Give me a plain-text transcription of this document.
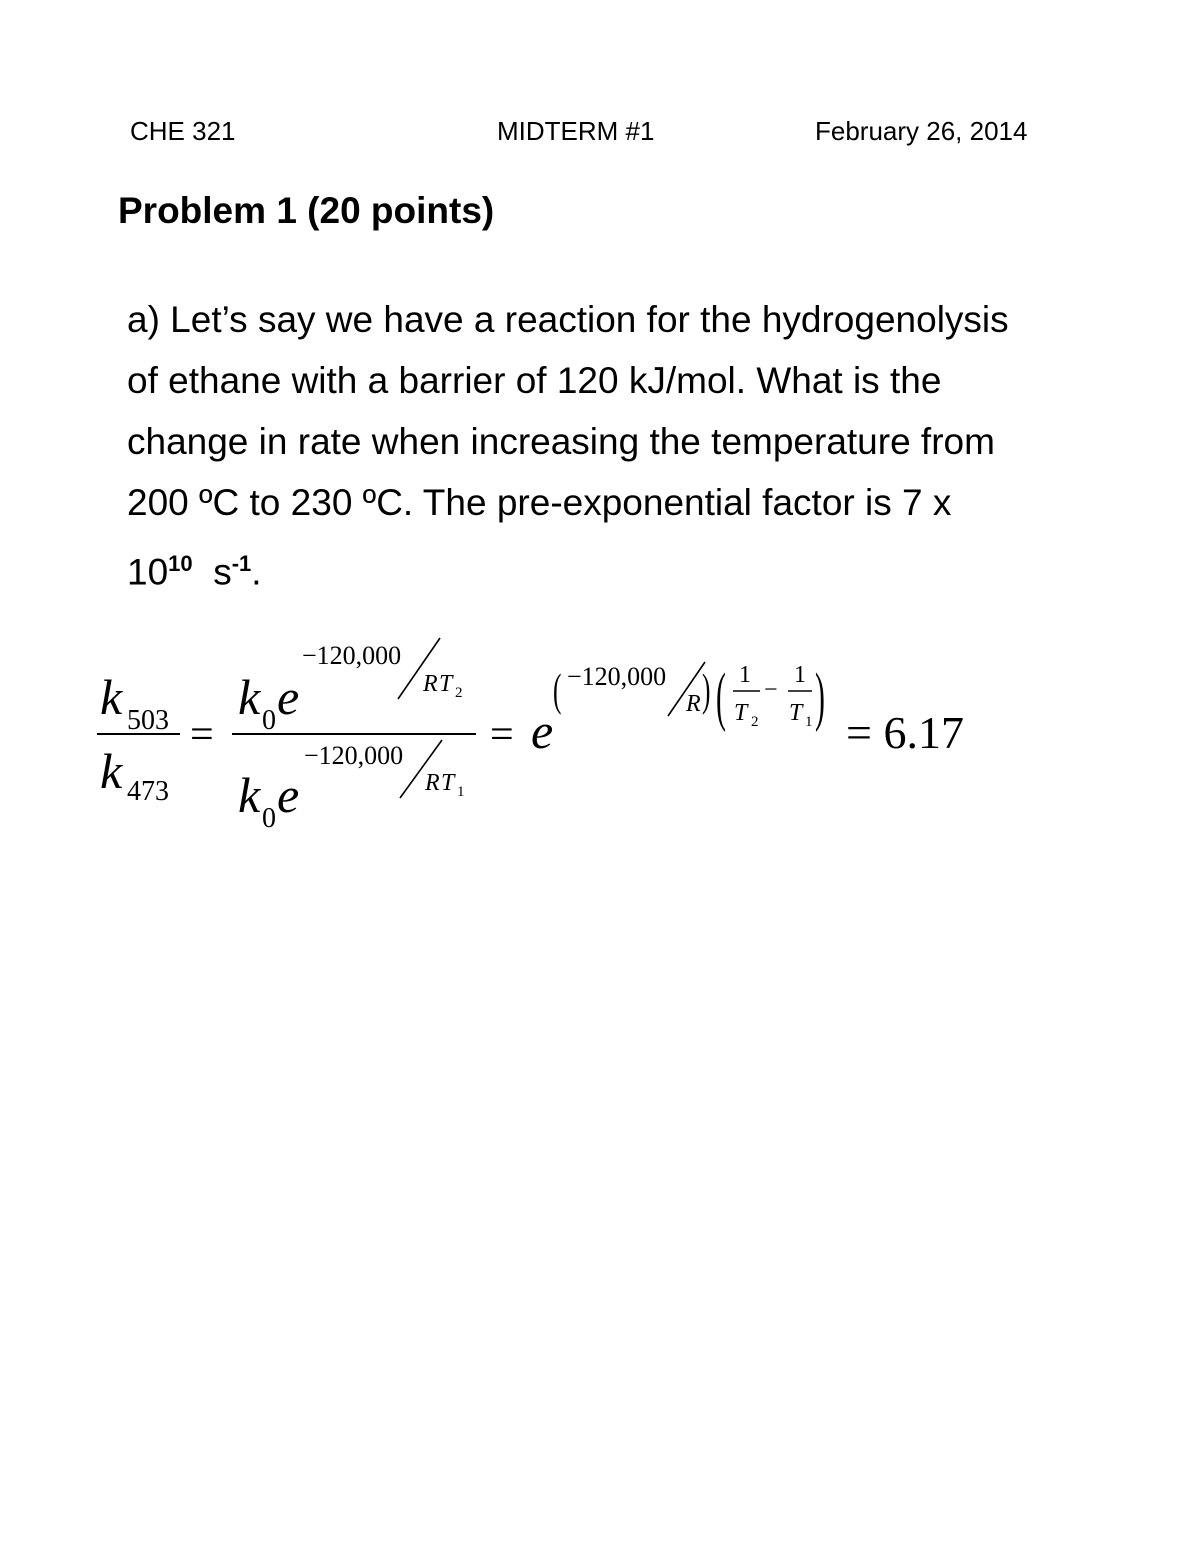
CHE 321	MIDTERM #1	February 26, 2014
Problem 1 (20 points)
a) Let’s say we have a reaction for the hydrogenolysis
of ethane with a barrier of 120 kJ/mol. What is the
change in rate when increasing the temperature from
200 ºC to 230 ºC. The pre-exponential factor is 7 x
$10^{10}$ $s^{-1}$.
k 503
k 473
=
−120,000
R T 2
k 0 e
−120,000
R T 1
k 0 e
= e
( −120,000
R ) ( 1
T 2
−
1
T 1 ) = 6.17
